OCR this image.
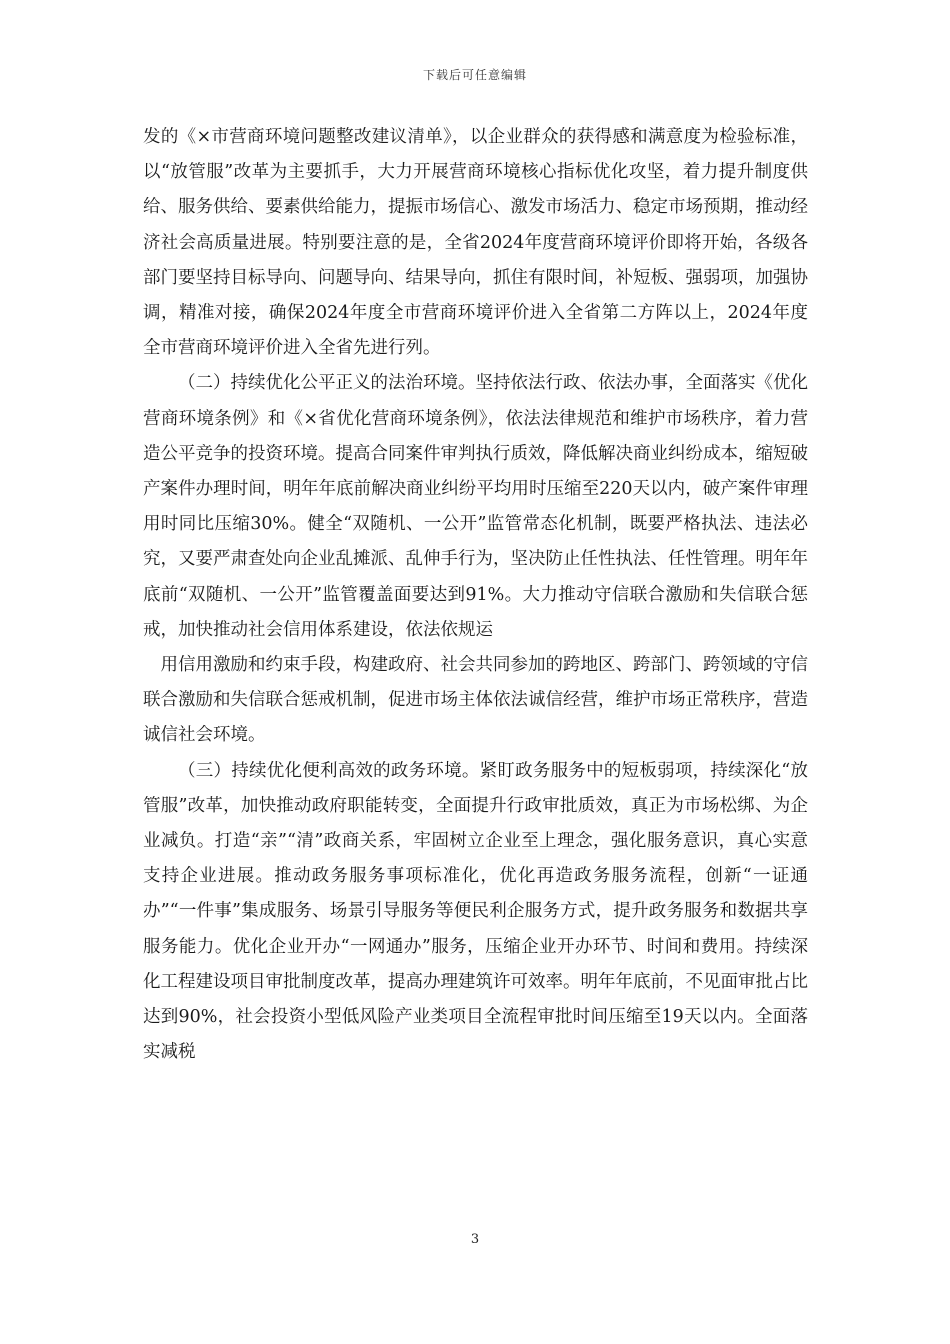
下载后可任意编辑

发的《×市营商环境问题整改建议清单》，以企业群众的获得感和满意度为检验标准，以“放管服”改革为主要抓手，大力开展营商环境核心指标优化攻坚，着力提升制度供给、服务供给、要素供给能力，提振市场信心、激发市场活力、稳定市场预期，推动经济社会高质量进展。特别要注意的是，全省2024年度营商环境评价即将开始，各级各部门要坚持目标导向、问题导向、结果导向，抓住有限时间，补短板、强弱项，加强协调，精准对接，确保2024年度全市营商环境评价进入全省第二方阵以上，2024年度全市营商环境评价进入全省先进行列。

（二）持续优化公平正义的法治环境。坚持依法行政、依法办事，全面落实《优化营商环境条例》和《×省优化营商环境条例》，依法法律规范和维护市场秩序，着力营造公平竞争的投资环境。提高合同案件审判执行质效，降低解决商业纠纷成本，缩短破产案件办理时间，明年年底前解决商业纠纷平均用时压缩至220天以内，破产案件审理用时同比压缩30%。健全“双随机、一公开”监管常态化机制，既要严格执法、违法必究，又要严肃查处向企业乱摊派、乱伸手行为，坚决防止任性执法、任性管理。明年年底前“双随机、一公开”监管覆盖面要达到91%。大力推动守信联合激励和失信联合惩戒，加快推动社会信用体系建设，依法依规运

用信用激励和约束手段，构建政府、社会共同参加的跨地区、跨部门、跨领域的守信联合激励和失信联合惩戒机制，促进市场主体依法诚信经营，维护市场正常秩序，营造诚信社会环境。

（三）持续优化便利高效的政务环境。紧盯政务服务中的短板弱项，持续深化“放管服”改革，加快推动政府职能转变，全面提升行政审批质效，真正为市场松绑、为企业减负。打造“亲”“清”政商关系，牢固树立企业至上理念，强化服务意识，真心实意支持企业进展。推动政务服务事项标准化，优化再造政务服务流程，创新“一证通办”“一件事”集成服务、场景引导服务等便民利企服务方式，提升政务服务和数据共享服务能力。优化企业开办“一网通办”服务，压缩企业开办环节、时间和费用。持续深化工程建设项目审批制度改革，提高办理建筑许可效率。明年年底前，不见面审批占比达到90%，社会投资小型低风险产业类项目全流程审批时间压缩至19天以内。全面落实减税

3
